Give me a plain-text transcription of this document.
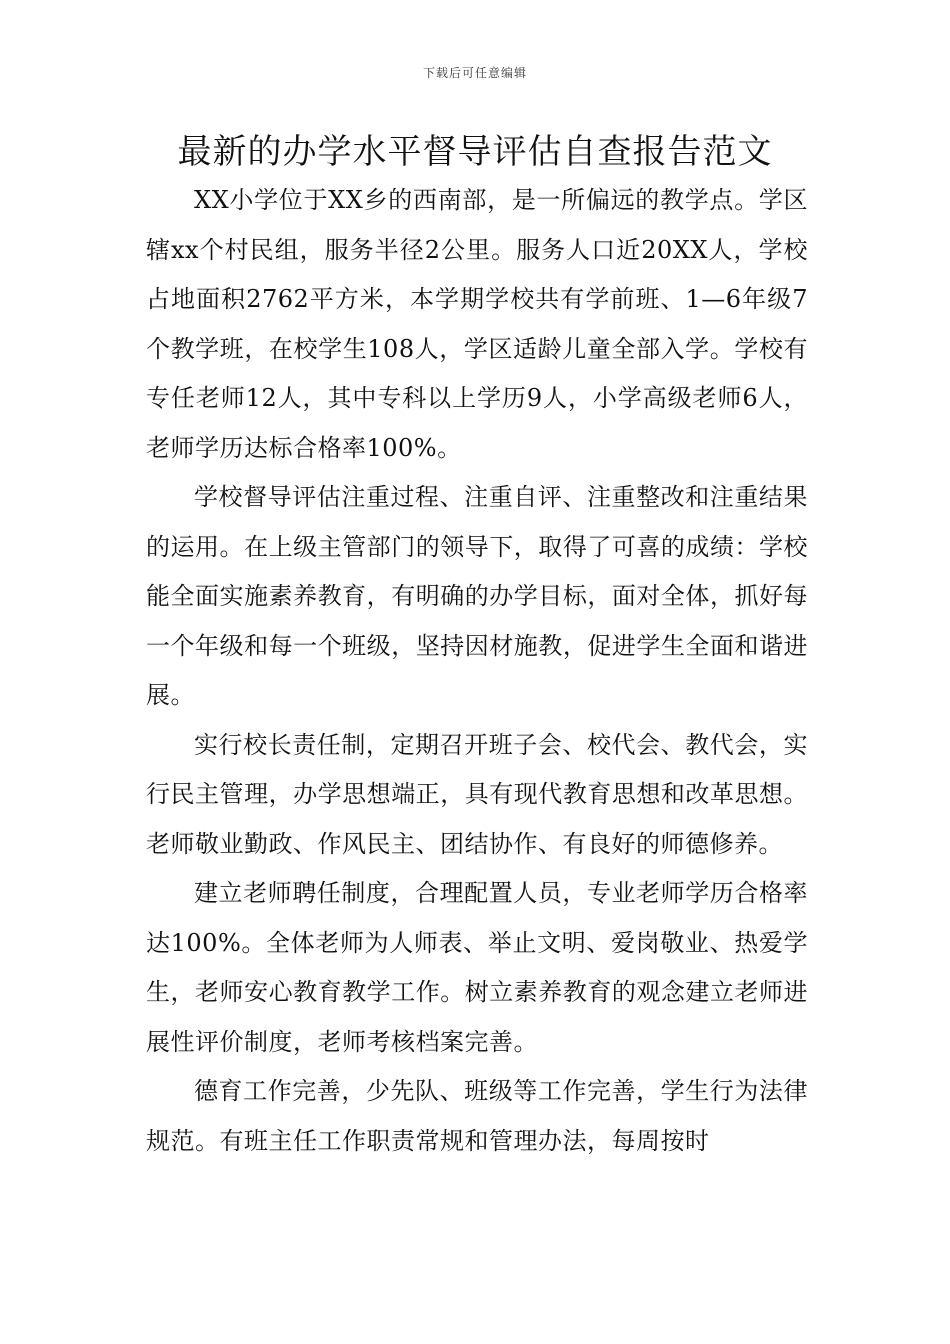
下载后可任意编辑
最新的办学水平督导评估自查报告范文

XX小学位于XX乡的西南部，是一所偏远的教学点。学区辖xx个村民组，服务半径2公里。服务人口近20XX人，学校占地面积2762平方米，本学期学校共有学前班、1—6年级7个教学班，在校学生108人，学区适龄儿童全部入学。学校有专任老师12人，其中专科以上学历9人，小学高级老师6人，老师学历达标合格率100%。

学校督导评估注重过程、注重自评、注重整改和注重结果的运用。在上级主管部门的领导下，取得了可喜的成绩：学校能全面实施素养教育，有明确的办学目标，面对全体，抓好每一个年级和每一个班级，坚持因材施教，促进学生全面和谐进展。

实行校长责任制，定期召开班子会、校代会、教代会，实行民主管理，办学思想端正，具有现代教育思想和改革思想。老师敬业勤政、作风民主、团结协作、有良好的师德修养。

建立老师聘任制度，合理配置人员，专业老师学历合格率达100%。全体老师为人师表、举止文明、爱岗敬业、热爱学生，老师安心教育教学工作。树立素养教育的观念建立老师进展性评价制度，老师考核档案完善。

德育工作完善，少先队、班级等工作完善，学生行为法律规范。有班主任工作职责常规和管理办法，每周按时
